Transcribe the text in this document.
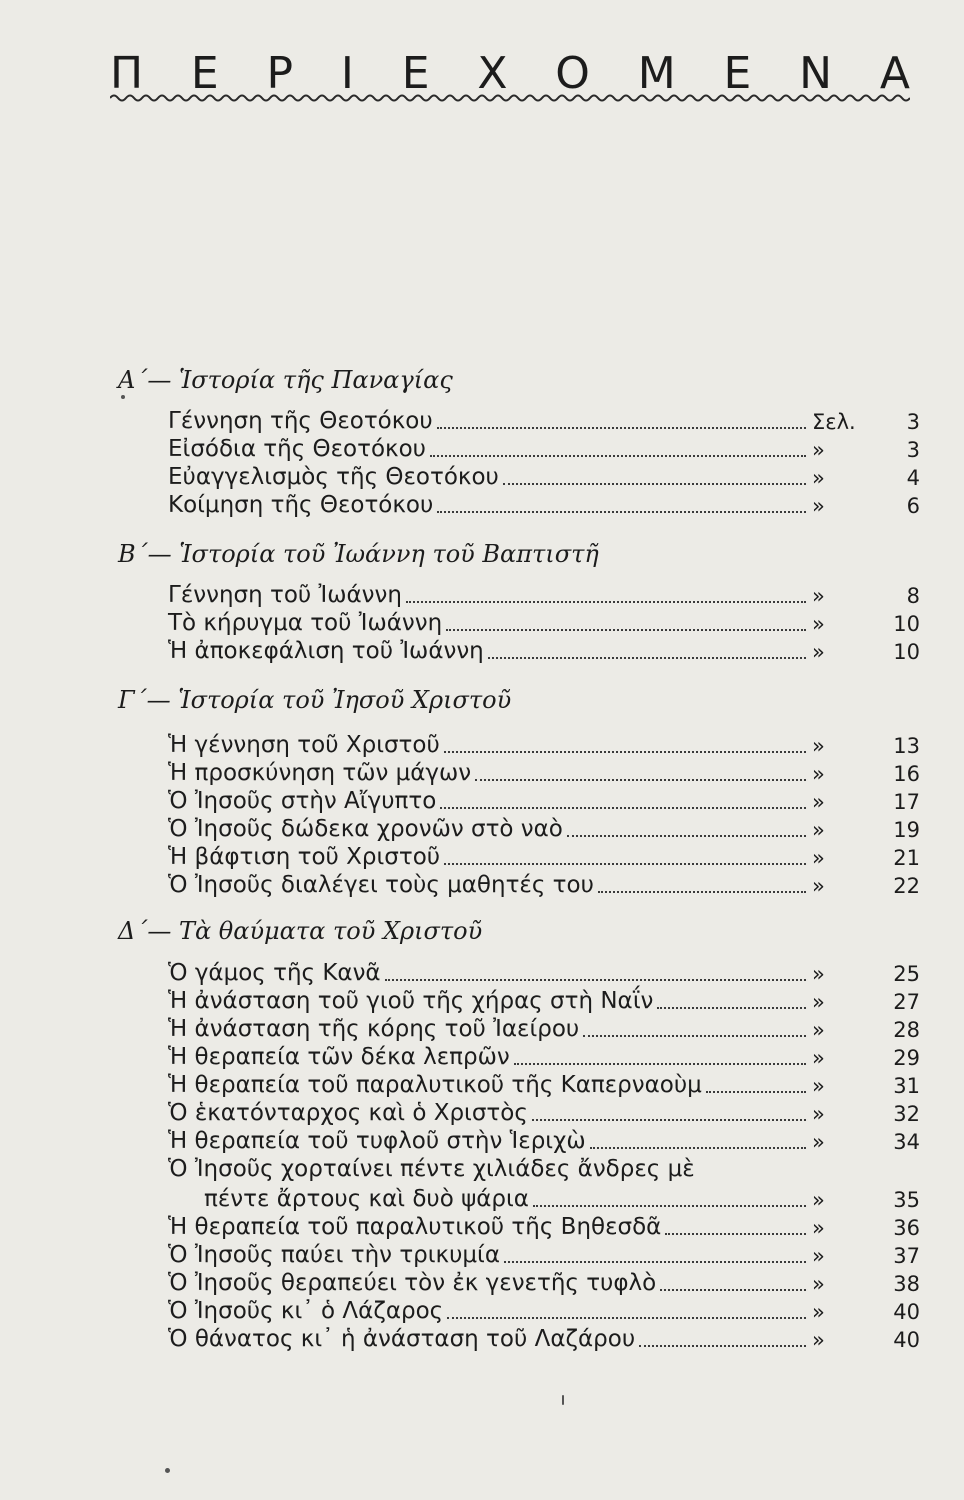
Π Ε Ρ Ι Ε Χ Ο Μ Ε Ν Α
Α΄— Ἱστορία τῆς Παναγίας
Γέννηση τῆς Θεοτόκου	Σελ.	3
Εἰσόδια τῆς Θεοτόκου	»	3
Εὐαγγελισμὸς τῆς Θεοτόκου	»	4
Κοίμηση τῆς Θεοτόκου	»	6
Β΄— Ἱστορία τοῦ Ἰωάννη τοῦ Βαπτιστῆ
Γέννηση τοῦ Ἰωάννη	»	8
Τὸ κήρυγμα τοῦ Ἰωάννη	»	10
Ἡ ἀποκεφάλιση τοῦ Ἰωάννη	»	10
Γ΄— Ἱστορία τοῦ Ἰησοῦ Χριστοῦ
Ἡ γέννηση τοῦ Χριστοῦ	»	13
Ἡ προσκύνηση τῶν μάγων	»	16
Ὁ Ἰησοῦς στὴν Αἴγυπτο	»	17
Ὁ Ἰησοῦς δώδεκα χρονῶν στὸ ναὸ	»	19
Ἡ βάφτιση τοῦ Χριστοῦ	»	21
Ὁ Ἰησοῦς διαλέγει τοὺς μαθητές του	»	22
Δ΄— Τὰ θαύματα τοῦ Χριστοῦ
Ὁ γάμος τῆς Κανᾶ	»	25
Ἡ ἀνάσταση τοῦ γιοῦ τῆς χήρας στὴ Ναΐν	»	27
Ἡ ἀνάσταση τῆς κόρης τοῦ Ἰαείρου	»	28
Ἡ θεραπεία τῶν δέκα λεπρῶν	»	29
Ἡ θεραπεία τοῦ παραλυτικοῦ τῆς Καπερναοὺμ	»	31
Ὁ ἑκατόνταρχος καὶ ὁ Χριστὸς	»	32
Ἡ θεραπεία τοῦ τυφλοῦ στὴν Ἱεριχὼ	»	34
Ὁ Ἰησοῦς χορταίνει πέντε χιλιάδες ἄνδρες μὲ
πέντε ἄρτους καὶ δυὸ ψάρια	»	35
Ἡ θεραπεία τοῦ παραλυτικοῦ τῆς Βηθεσδᾶ	»	36
Ὁ Ἰησοῦς παύει τὴν τρικυμία	»	37
Ὁ Ἰησοῦς θεραπεύει τὸν ἐκ γενετῆς τυφλὸ	»	38
Ὁ Ἰησοῦς κι᾿ ὁ Λάζαρος	»	40
Ὁ θάνατος κι᾿ ἡ ἀνάσταση τοῦ Λαζάρου	»	40
